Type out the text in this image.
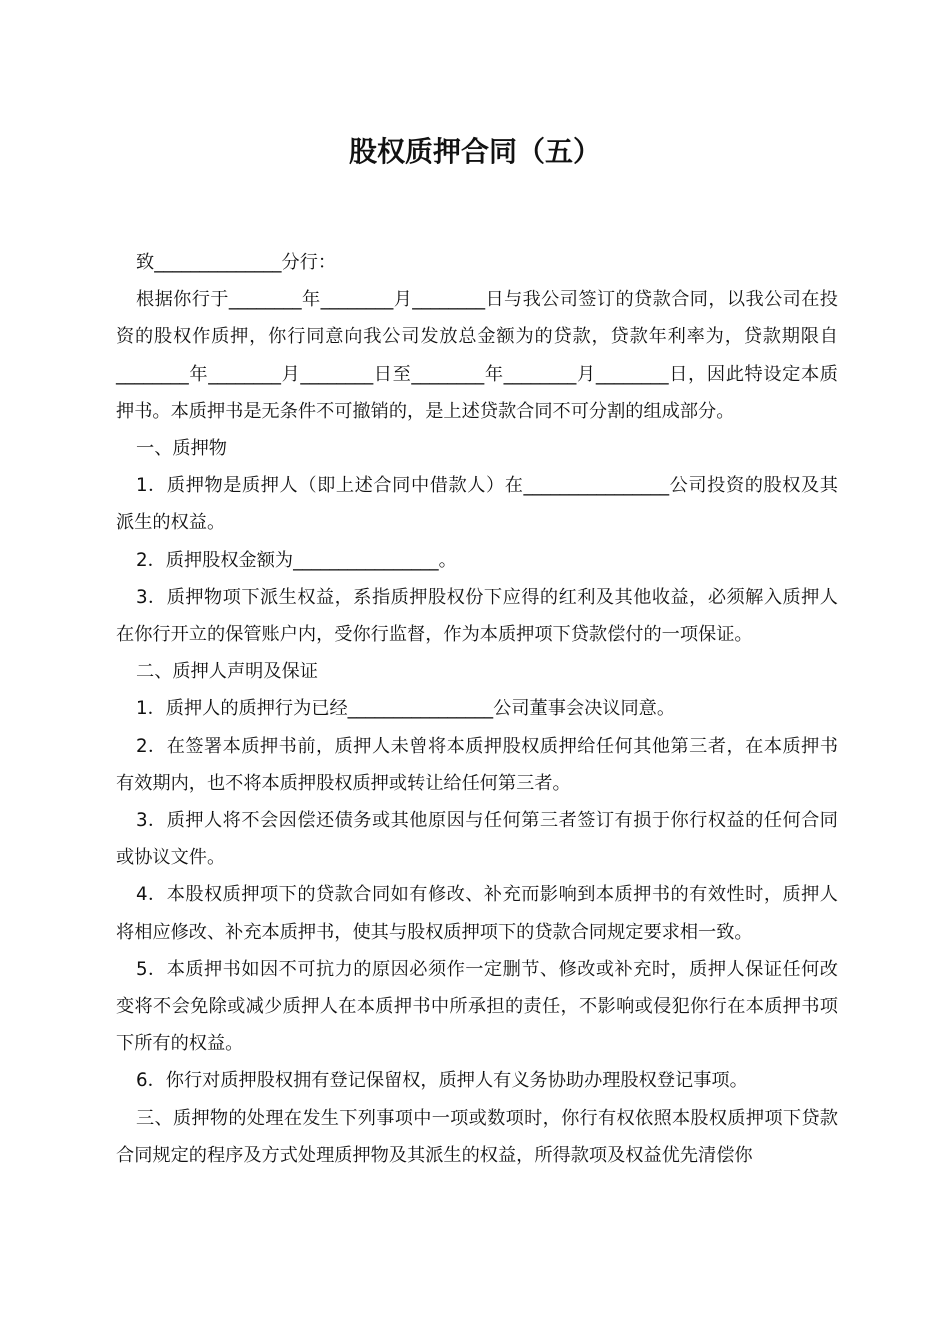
股权质押合同（五）

致______________分行：

根据你行于________年________月________日与我公司签订的贷款合同，以我公司在投资的股权作质押，你行同意向我公司发放总金额为的贷款，贷款年利率为，贷款期限自________年________月________日至________年________月________日，因此特设定本质押书。本质押书是无条件不可撤销的，是上述贷款合同不可分割的组成部分。

一、质押物

1．质押物是质押人（即上述合同中借款人）在________________公司投资的股权及其派生的权益。

2．质押股权金额为________________。

3．质押物项下派生权益，系指质押股权份下应得的红利及其他收益，必须解入质押人在你行开立的保管账户内，受你行监督，作为本质押项下贷款偿付的一项保证。

二、质押人声明及保证

1．质押人的质押行为已经________________公司董事会决议同意。

2．在签署本质押书前，质押人未曾将本质押股权质押给任何其他第三者，在本质押书有效期内，也不将本质押股权质押或转让给任何第三者。

3．质押人将不会因偿还债务或其他原因与任何第三者签订有损于你行权益的任何合同或协议文件。

4．本股权质押项下的贷款合同如有修改、补充而影响到本质押书的有效性时，质押人将相应修改、补充本质押书，使其与股权质押项下的贷款合同规定要求相一致。

5．本质押书如因不可抗力的原因必须作一定删节、修改或补充时，质押人保证任何改变将不会免除或减少质押人在本质押书中所承担的责任，不影响或侵犯你行在本质押书项下所有的权益。

6．你行对质押股权拥有登记保留权，质押人有义务协助办理股权登记事项。

三、质押物的处理在发生下列事项中一项或数项时，你行有权依照本股权质押项下贷款合同规定的程序及方式处理质押物及其派生的权益，所得款项及权益优先清偿你
